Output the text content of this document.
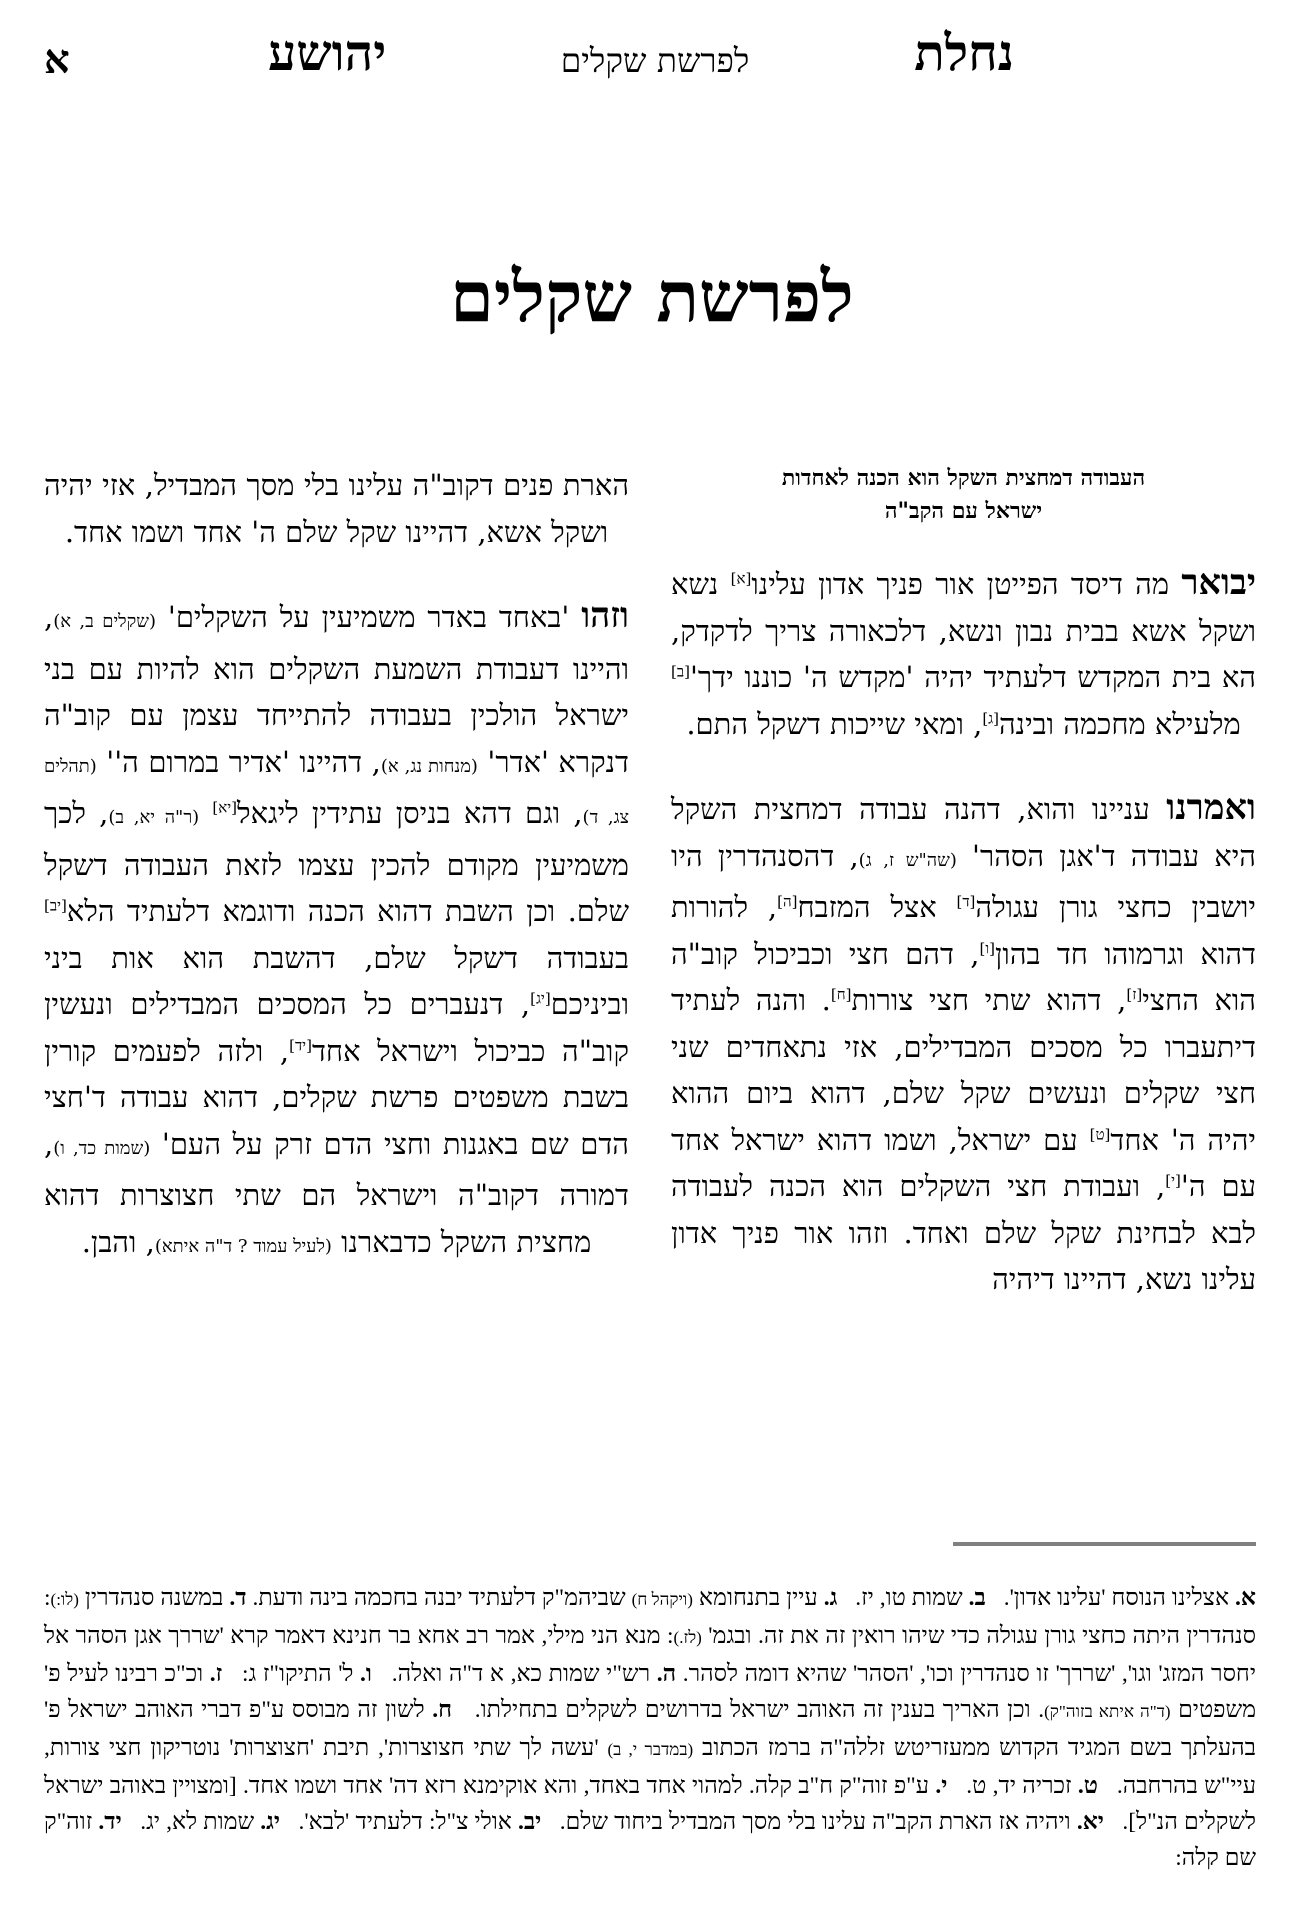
נחלת
לפרשת שקלים
יהושע
א
לפרשת שקלים
העבודה דמחצית השקל הוא הכנה לאחדות
ישראל עם הקב"ה

יבואר מה דיסד הפייטן אור פניך אדון עלינו[א] נשא ושקל אשא בבית נבון ונשא, דלכאורה צריך לדקדק, הא בית המקדש דלעתיד יהיה 'מקדש ה' כוננו ידך'[ב] מלעילא מחכמה ובינה[ג], ומאי שייכות דשקל התם.

ואמרנו עניינו והוא, דהנה עבודה דמחצית השקל היא עבודה ד'אגן הסהר' (שה"ש ז, ג), דהסנהדרין היו יושבין כחצי גורן עגולה[ד] אצל המזבח[ה], להורות דהוא וגרמוהו חד בהון[ו], דהם חצי וכביכול קוב"ה הוא החצי[ז], דהוא שתי חצי צורות[ח]. והנה לעתיד דיתעברו כל מסכים המבדילים, אזי נתאחדים שני חצי שקלים ונעשים שקל שלם, דהוא ביום ההוא יהיה ה' אחד[ט] עם ישראל, ושמו דהוא ישראל אחד עם ה'[י], ועבודת חצי השקלים הוא הכנה לעבודה לבא לבחינת שקל שלם ואחד. וזהו אור פניך אדון עלינו נשא, דהיינו דיהיה

הארת פנים דקוב"ה עלינו בלי מסך המבדיל, אזי יהיה ושקל אשא, דהיינו שקל שלם ה' אחד ושמו אחד.

וזהו 'באחד באדר משמיעין על השקלים' (שקלים ב, א), והיינו דעבודת השמעת השקלים הוא להיות עם בני ישראל הולכין בעבודה להתייחד עצמן עם קוב"ה דנקרא 'אדר' (מנחות נג, א), דהיינו 'אדיר במרום ה'' (תהלים צג, ד), וגם דהא בניסן עתידין ליגאל[יא] (ר"ה יא, ב), לכך משמיעין מקודם להכין עצמו לזאת העבודה דשקל שלם. וכן השבת דהוא הכנה ודוגמא דלעתיד הלא[יב] בעבודה דשקל שלם, דהשבת הוא אות ביני וביניכם[יג], דנעברים כל המסכים המבדילים ונעשין קוב"ה כביכול וישראל אחד[יד], ולזה לפעמים קורין בשבת משפטים פרשת שקלים, דהוא עבודה ד'חצי הדם שם באגנות וחצי הדם זרק על העם' (שמות כד, ו), דמורה דקוב"ה וישראל הם שתי חצוצרות דהוא מחצית השקל כדבארנו (לעיל עמוד ? ד"ה איתא), והבן.

א. אצלינו הנוסח 'עלינו אדון'.   ב. שמות טו, יז.   ג. עיין בתנחומא (ויקהל ח) שביהמ"ק דלעתיד יבנה בחכמה בינה ודעת. ד. במשנה סנהדרין (לו:): סנהדרין היתה כחצי גורן עגולה כדי שיהו רואין זה את זה. ובגמ' (לז.): מנא הני מילי, אמר רב אחא בר חנינא דאמר קרא 'שררך אגן הסהר אל יחסר המזג' וגו', 'שררך' זו סנהדרין וכו', 'הסהר' שהיא דומה לסהר. ה. רש"י שמות כא, א ד"ה ואלה.   ו. ל' התיקו"ז ג:   ז. וכ"כ רבינו לעיל פ' משפטים (ד"ה איתא בזוה"ק). וכן האריך בענין זה האוהב ישראל בדרושים לשקלים בתחילתו.   ח. לשון זה מבוסס ע"פ דברי האוהב ישראל פ' בהעלתך בשם המגיד הקדוש ממעזריטש זללה"ה ברמז הכתוב (במדבר י, ב) 'עשה לך שתי חצוצרות', תיבת 'חצוצרות' נוטריקון חצי צורות, עיי"ש בהרחבה.   ט. זכריה יד, ט.   י. ע"פ זוה"ק ח"ב קלה. למהוי אחד באחד, והא אוקימנא רזא דה' אחד ושמו אחד. [ומצויין באוהב ישראל לשקלים הנ"ל].   יא. ויהיה אז הארת הקב"ה עלינו בלי מסך המבדיל ביחוד שלם.   יב. אולי צ"ל: דלעתיד 'לבא'.   יג. שמות לא, יג.   יד. זוה"ק שם קלה:
